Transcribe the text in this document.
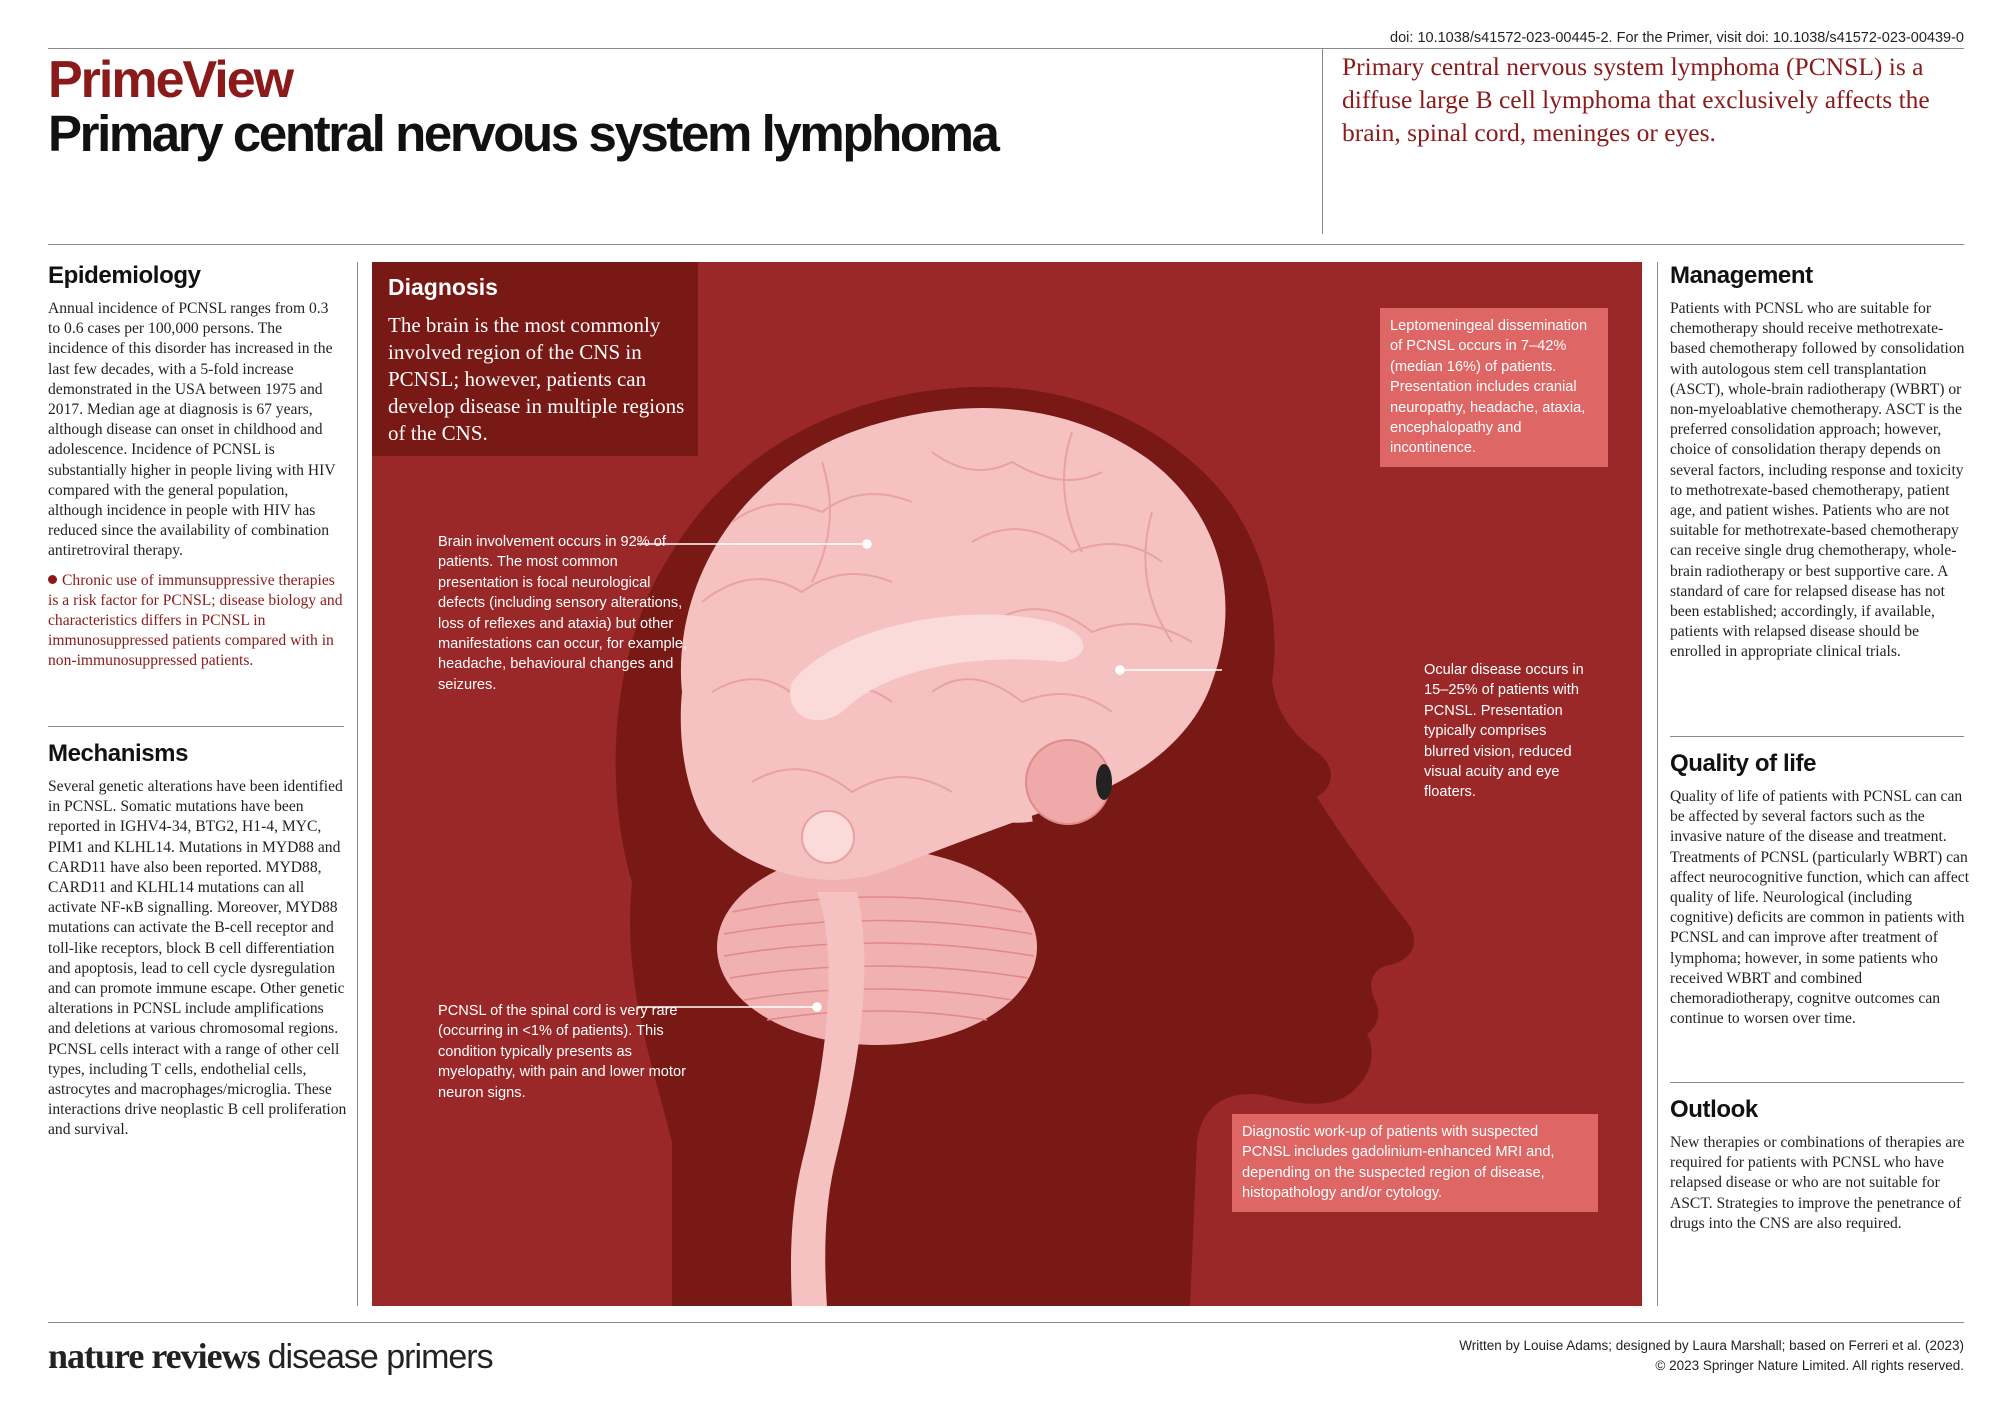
doi: 10.1038/s41572-023-00445-2. For the Primer, visit doi: 10.1038/s41572-023-00439-0
PrimeView
Primary central nervous system lymphoma
Primary central nervous system lymphoma (PCNSL) is a diffuse large B cell lymphoma that exclusively affects the brain, spinal cord, meninges or eyes.
Epidemiology
Annual incidence of PCNSL ranges from 0.3 to 0.6 cases per 100,000 persons. The incidence of this disorder has increased in the last few decades, with a 5-fold increase demonstrated in the USA between 1975 and 2017. Median age at diagnosis is 67 years, although disease can onset in childhood and adolescence. Incidence of PCNSL is substantially higher in people living with HIV compared with the general population, although incidence in people with HIV has reduced since the availability of combination antiretroviral therapy.
Chronic use of immunsuppressive therapies is a risk factor for PCNSL; disease biology and characteristics differs in PCNSL in immunosuppressed patients compared with in non-immunosuppressed patients.
Mechanisms
Several genetic alterations have been identified in PCNSL. Somatic mutations have been reported in IGHV4-34, BTG2, H1-4, MYC, PIM1 and KLHL14. Mutations in MYD88 and CARD11 have also been reported. MYD88, CARD11 and KLHL14 mutations can all activate NF-κB signalling. Moreover, MYD88 mutations can activate the B-cell receptor and toll-like receptors, block B cell differentiation and apoptosis, lead to cell cycle dysregulation and can promote immune escape. Other genetic alterations in PCNSL include amplifications and deletions at various chromosomal regions. PCNSL cells interact with a range of other cell types, including T cells, endothelial cells, astrocytes and macrophages/microglia. These interactions drive neoplastic B cell proliferation and survival.
Diagnosis
The brain is the most commonly involved region of the CNS in PCNSL; however, patients can develop disease in multiple regions of the CNS.
Brain involvement occurs in 92% of patients. The most common presentation is focal neurological defects (including sensory alterations, loss of reflexes and ataxia) but other manifestations can occur, for example, headache, behavioural changes and seizures.
PCNSL of the spinal cord is very rare (occurring in <1% of patients). This condition typically presents as myelopathy, with pain and lower motor neuron signs.
Leptomeningeal dissemination of PCNSL occurs in 7–42% (median 16%) of patients. Presentation includes cranial neuropathy, headache, ataxia, encephalopathy and incontinence.
Ocular disease occurs in 15–25% of patients with PCNSL. Presentation typically comprises blurred vision, reduced visual acuity and eye floaters.
Diagnostic work-up of patients with suspected PCNSL includes gadolinium-enhanced MRI and, depending on the suspected region of disease, histopathology and/or cytology.
Management
Patients with PCNSL who are suitable for chemotherapy should receive methotrexate-based chemotherapy followed by consolidation with autologous stem cell transplantation (ASCT), whole-brain radiotherapy (WBRT) or non-myeloablative chemotherapy. ASCT is the preferred consolidation approach; however, choice of consolidation therapy depends on several factors, including response and toxicity to methotrexate-based chemotherapy, patient age, and patient wishes. Patients who are not suitable for methotrexate-based chemotherapy can receive single drug chemotherapy, whole-brain radiotherapy or best supportive care. A standard of care for relapsed disease has not been established; accordingly, if available, patients with relapsed disease should be enrolled in appropriate clinical trials.
Quality of life
Quality of life of patients with PCNSL can can be affected by several factors such as the invasive nature of the disease and treatment. Treatments of PCNSL (particularly WBRT) can affect neurocognitive function, which can affect quality of life. Neurological (including cognitive) deficits are common in patients with PCNSL and can improve after treatment of lymphoma; however, in some patients who received WBRT and combined chemoradiotherapy, cognitve outcomes can continue to worsen over time.
Outlook
New therapies or combinations of therapies are required for patients with PCNSL who have relapsed disease or who are not suitable for ASCT. Strategies to improve the penetrance of drugs into the CNS are also required.
nature reviews disease primers	Written by Louise Adams; designed by Laura Marshall; based on Ferreri et al. (2023)
© 2023 Springer Nature Limited. All rights reserved.
